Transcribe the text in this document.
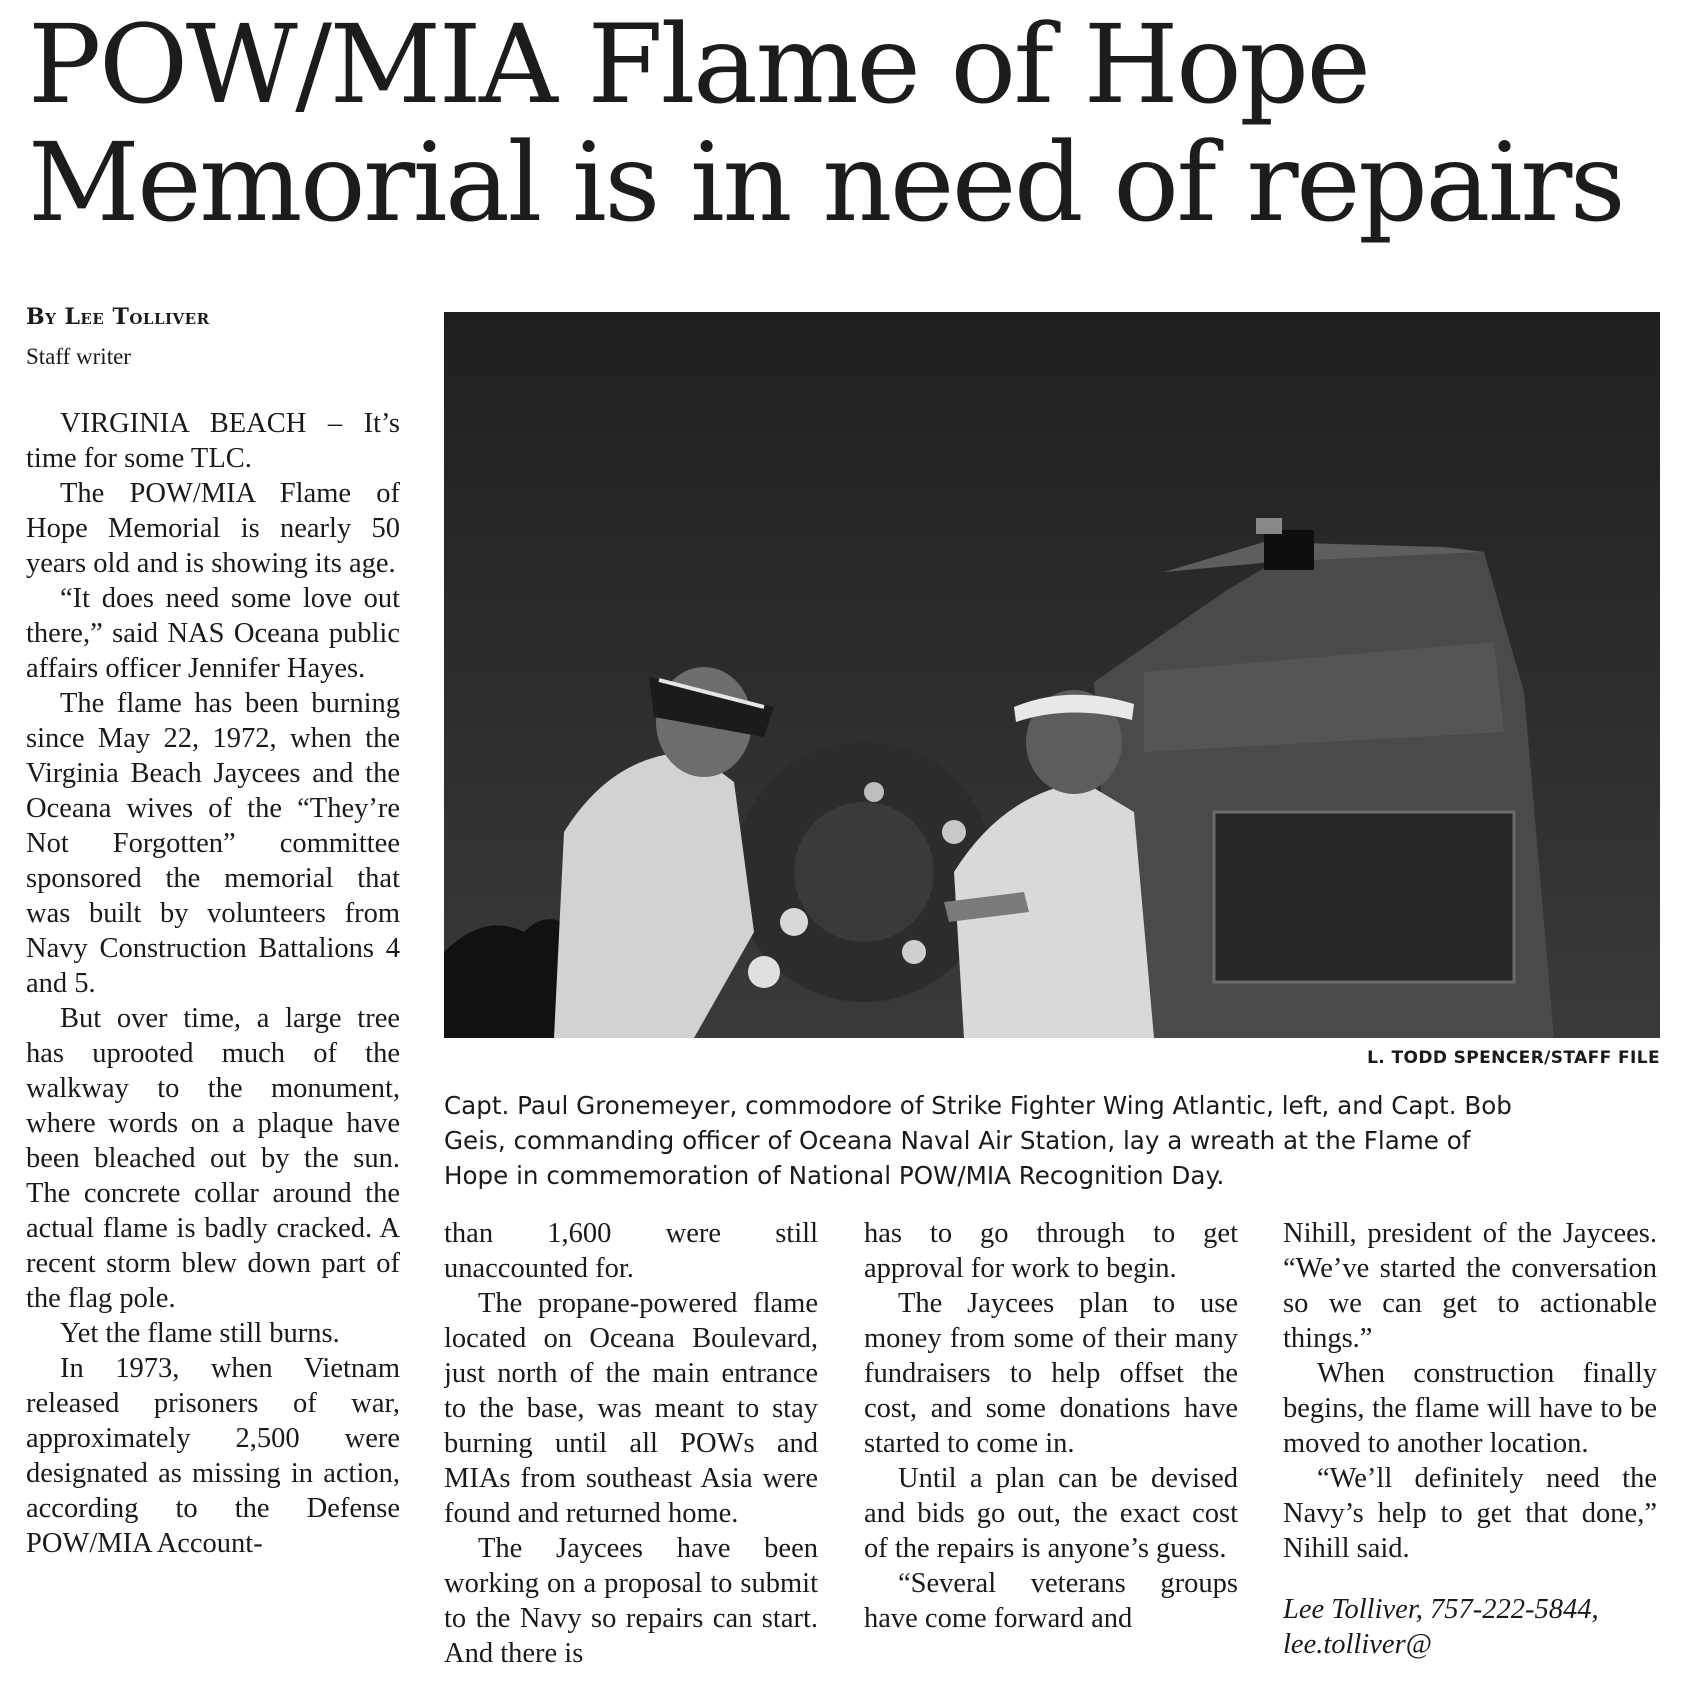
POW/MIA Flame of Hope
Memorial is in need of repairs
By Lee Tolliver
Staff writer

VIRGINIA BEACH – It’s time for some TLC.

The POW/MIA Flame of Hope Memorial is nearly 50 years old and is showing its age.

“It does need some love out there,” said NAS Oceana public affairs officer Jennifer Hayes.

The flame has been burning since May 22, 1972, when the Virginia Beach Jaycees and the Oceana wives of the “They’re Not Forgotten” committee sponsored the memorial that was built by volunteers from Navy Construction Battalions 4 and 5.

But over time, a large tree has uprooted much of the walkway to the monument, where words on a plaque have been bleached out by the sun. The concrete collar around the actual flame is badly cracked. A recent storm blew down part of the flag pole.

Yet the flame still burns.

In 1973, when Vietnam released prisoners of war, approximately 2,500 were designated as missing in action, according to the Defense POW/MIA Account-

L. TODD SPENCER/STAFF FILE
Capt. Paul Gronemeyer, commodore of Strike Fighter Wing Atlantic, left, and Capt. Bob
Geis, commanding officer of Oceana Naval Air Station, lay a wreath at the Flame of
Hope in commemoration of National POW/MIA Recognition Day.

than 1,600 were still unaccounted for.

The propane-powered flame located on Oceana Boulevard, just north of the main entrance to the base, was meant to stay burning until all POWs and MIAs from southeast Asia were found and returned home.

The Jaycees have been working on a proposal to submit to the Navy so repairs can start. And there is

has to go through to get approval for work to begin.

The Jaycees plan to use money from some of their many fundraisers to help offset the cost, and some donations have started to come in.

Until a plan can be devised and bids go out, the exact cost of the repairs is anyone’s guess.

“Several veterans groups have come forward and

Nihill, president of the Jaycees. “We’ve started the conversation so we can get to actionable things.”

When construction finally begins, the flame will have to be moved to another location.

“We’ll definitely need the Navy’s help to get that done,” Nihill said.

Lee Tolliver, 757-222-5844, lee.tolliver@
